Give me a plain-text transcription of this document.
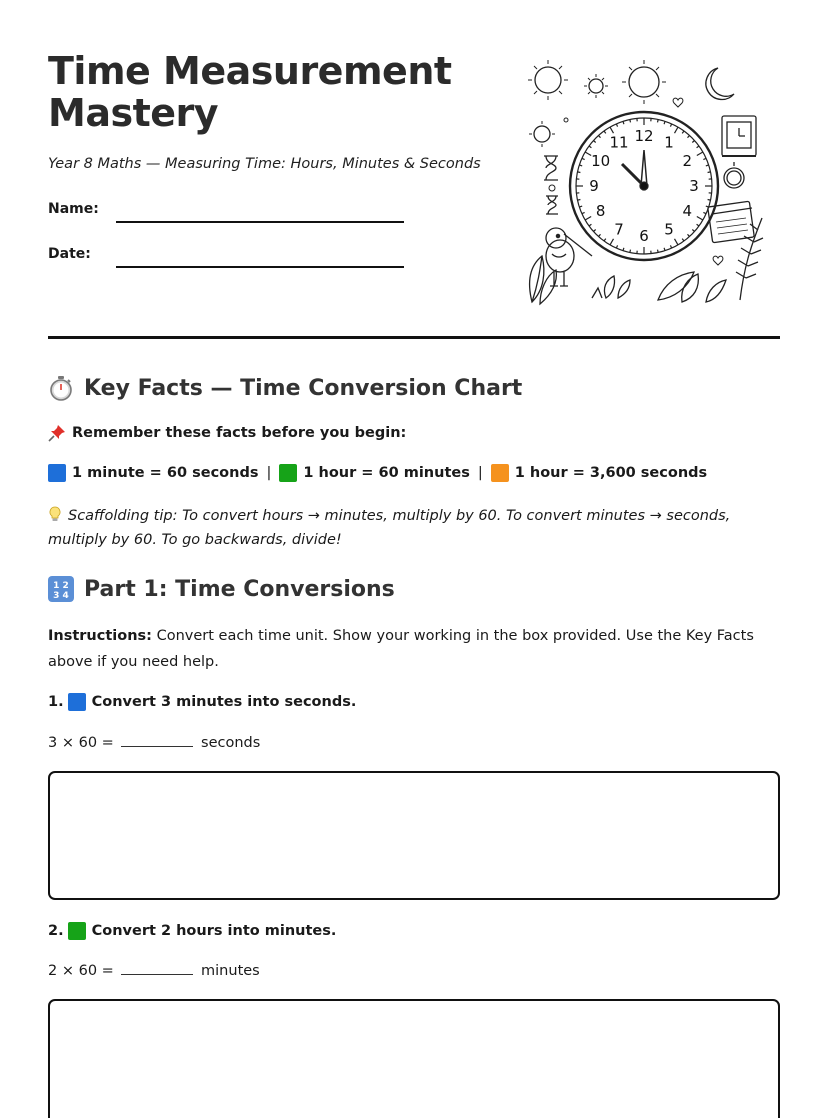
Time Measurement Mastery
Year 8 Maths — Measuring Time: Hours, Minutes & Seconds
Name:
Date:
12 1
2
3
4
5
6
7
8
9
10
11
Key Facts — Time Conversion Chart
Remember these facts before you begin:
1 minute = 60 seconds | 1 hour = 60 minutes | 1 hour = 3,600 seconds

Scaffolding tip: To convert hours → minutes, multiply by 60. To convert minutes → seconds, multiply by 60. To go backwards, divide!

1 2
3 4 Part 1: Time Conversions

Instructions: Convert each time unit. Show your working in the box provided. Use the Key Facts above if you need help.

1. Convert 3 minutes into seconds.
3 × 60 =	seconds
2. Convert 2 hours into minutes.
2 × 60 =	minutes
